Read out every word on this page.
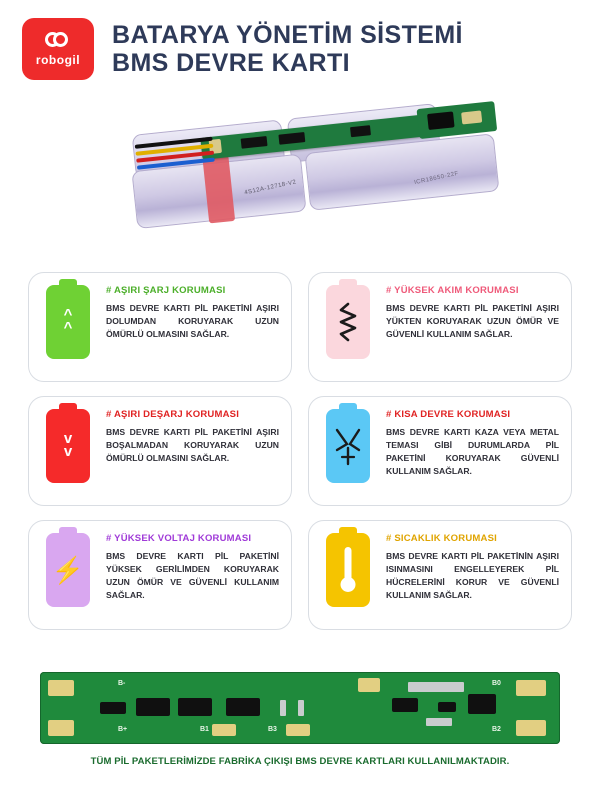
robogil
BATARYA YÖNETİM SİSTEMİ
BMS DEVRE KARTI
4S12A-12718-V2
ICR18650-22F
^
^
# AŞIRI ŞARJ KORUMASI
BMS DEVRE KARTI PİL PAKETİNİ AŞIRI DOLUMDAN KORUYARAK UZUN ÖMÜRLÜ OLMASINI SAĞLAR.
# YÜKSEK AKIM KORUMASI
BMS DEVRE KARTI PİL PAKETİNİ AŞIRI YÜKTEN KORUYARAK UZUN ÖMÜR VE GÜVENLİ KULLANIM SAĞLAR.
v
v
# AŞIRI DEŞARJ KORUMASI
BMS DEVRE KARTI PİL PAKETİNİ AŞIRI BOŞALMADAN KORUYARAK UZUN ÖMÜRLÜ OLMASINI SAĞLAR.
# KISA DEVRE KORUMASI
BMS DEVRE KARTI KAZA VEYA METAL TEMASI GİBİ DURUMLARDA PİL PAKETİNİ KORUYARAK GÜVENLİ KULLANIM SAĞLAR.
⚡
# YÜKSEK VOLTAJ KORUMASI
BMS DEVRE KARTI PİL PAKETİNİ YÜKSEK GERİLİMDEN KORUYARAK UZUN ÖMÜR VE GÜVENLİ KULLANIM SAĞLAR.
# SICAKLIK KORUMASI
BMS DEVRE KARTI PİL PAKETİNİN AŞIRI ISINMASINI ENGELLEYEREK PİL HÜCRELERİNİ KORUR VE GÜVENLİ KULLANIM SAĞLAR.
B-	B0
B+	B3	B2
B1
TÜM PİL PAKETLERİMİZDE FABRİKA ÇIKIŞI BMS DEVRE KARTLARI KULLANILMAKTADIR.
